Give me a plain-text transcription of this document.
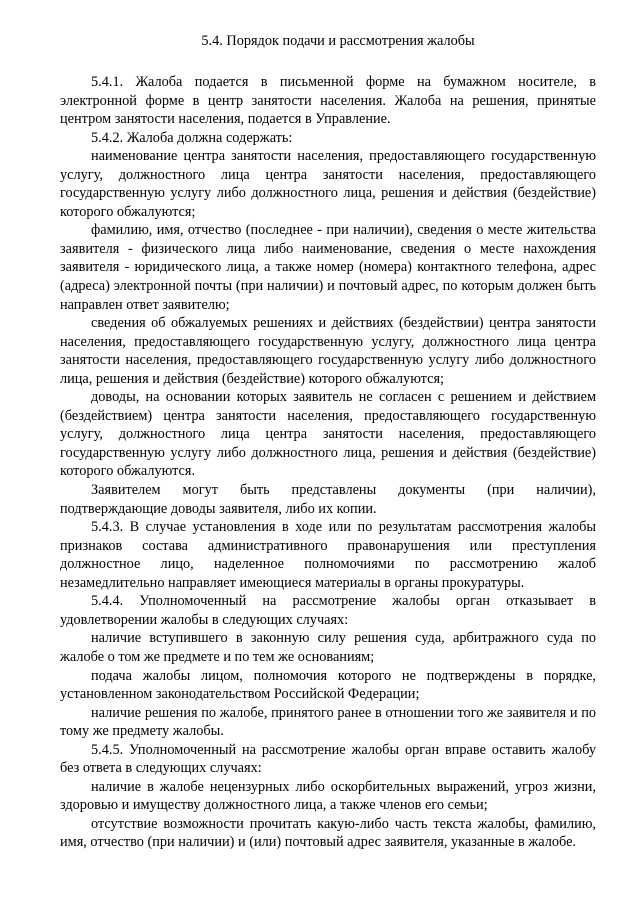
5.4. Порядок подачи и рассмотрения жалобы

5.4.1. Жалоба подается в письменной форме на бумажном носителе, в электронной форме в центр занятости населения. Жалоба на решения, принятые центром занятости населения, подается в Управление.

5.4.2. Жалоба должна содержать:

наименование центра занятости населения, предоставляющего государственную услугу, должностного лица центра занятости населения, предоставляющего государственную услугу либо должностного лица, решения и действия (бездействие) которого обжалуются;

фамилию, имя, отчество (последнее - при наличии), сведения о месте жительства заявителя - физического лица либо наименование, сведения о месте нахождения заявителя - юридического лица, а также номер (номера) контактного телефона, адрес (адреса) электронной почты (при наличии) и почтовый адрес, по которым должен быть направлен ответ заявителю;

сведения об обжалуемых решениях и действиях (бездействии) центра занятости населения, предоставляющего государственную услугу, должностного лица центра занятости населения, предоставляющего государственную услугу либо должностного лица, решения и действия (бездействие) которого обжалуются;

доводы, на основании которых заявитель не согласен с решением и действием (бездействием) центра занятости населения, предоставляющего государственную услугу, должностного лица центра занятости населения, предоставляющего государственную услугу либо должностного лица, решения и действия (бездействие) которого обжалуются.

Заявителем могут быть представлены документы (при наличии), подтверждающие доводы заявителя, либо их копии.

5.4.3. В случае установления в ходе или по результатам рассмотрения жалобы признаков состава административного правонарушения или преступления должностное лицо, наделенное полномочиями по рассмотрению жалоб незамедлительно направляет имеющиеся материалы в органы прокуратуры.

5.4.4. Уполномоченный на рассмотрение жалобы орган отказывает в удовлетворении жалобы в следующих случаях:

наличие вступившего в законную силу решения суда, арбитражного суда по жалобе о том же предмете и по тем же основаниям;

подача жалобы лицом, полномочия которого не подтверждены в порядке, установленном законодательством Российской Федерации;

наличие решения по жалобе, принятого ранее в отношении того же заявителя и по тому же предмету жалобы.

5.4.5. Уполномоченный на рассмотрение жалобы орган вправе оставить жалобу без ответа в следующих случаях:

наличие в жалобе нецензурных либо оскорбительных выражений, угроз жизни, здоровью и имуществу должностного лица, а также членов его семьи;

отсутствие возможности прочитать какую-либо часть текста жалобы, фамилию, имя, отчество (при наличии) и (или) почтовый адрес заявителя, указанные в жалобе.
